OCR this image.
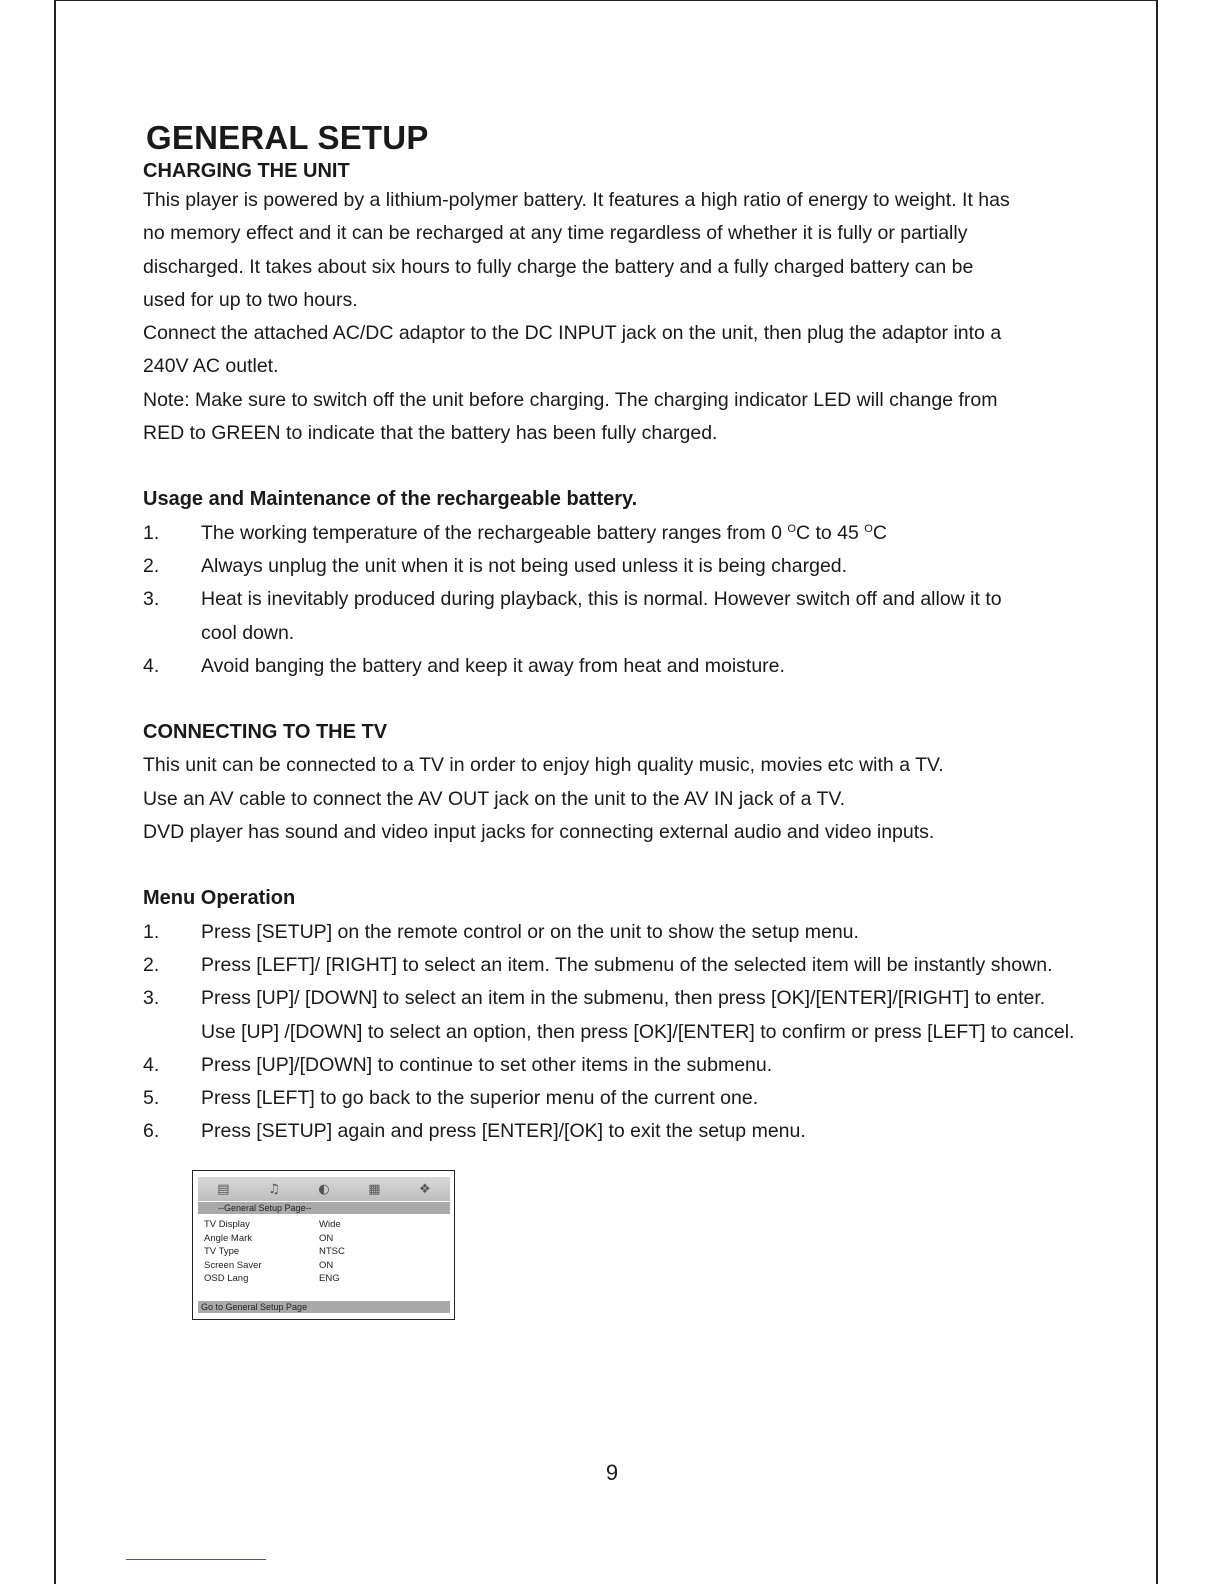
GENERAL SETUP
CHARGING THE UNIT

This player is powered by a lithium-polymer battery. It features a high ratio of energy to weight. It has

no memory effect and it can be recharged at any time regardless of whether it is fully or partially

discharged. It takes about six hours to fully charge the battery and a fully charged battery can be

used for up to two hours.

Connect the attached AC/DC adaptor to the DC INPUT jack on the unit, then plug the adaptor into a

240V AC outlet.

Note: Make sure to switch off the unit before charging. The charging indicator LED will change from

RED to GREEN to indicate that the battery has been fully charged.

Usage and Maintenance of the rechargeable battery.
1. The working temperature of the rechargeable battery ranges from 0 $^O$C to 45 $^O$C
2. Always unplug the unit when it is not being used unless it is being charged.
3. Heat is inevitably produced during playback, this is normal. However switch off and allow it to
cool down.
4. Avoid banging the battery and keep it away from heat and moisture.
CONNECTING TO THE TV

This unit can be connected to a TV in order to enjoy high quality music, movies etc with a TV.

Use an AV cable to connect the AV OUT jack on the unit to the AV IN jack of a TV.

DVD player has sound and video input jacks for connecting external audio and video inputs.

Menu Operation
1. Press [SETUP] on the remote control or on the unit to show the setup menu.
2. Press [LEFT]/ [RIGHT] to select an item. The submenu of the selected item will be instantly shown.
3. Press [UP]/ [DOWN] to select an item in the submenu, then press [OK]/[ENTER]/[RIGHT] to enter.
Use [UP] /[DOWN] to select an option, then press [OK]/[ENTER] to confirm or press [LEFT] to cancel.
4. Press [UP]/[DOWN] to continue to set other items in the submenu.
5. Press [LEFT] to go back to the superior menu of the current one.
6. Press [SETUP] again and press [ENTER]/[OK] to exit the setup menu.
▤	♫	◐	▦	❖
--General Setup Page--
TV Display	Wide
Angle Mark	ON
TV Type	NTSC
Screen Saver	ON
OSD Lang	ENG
Go to General Setup Page
9
